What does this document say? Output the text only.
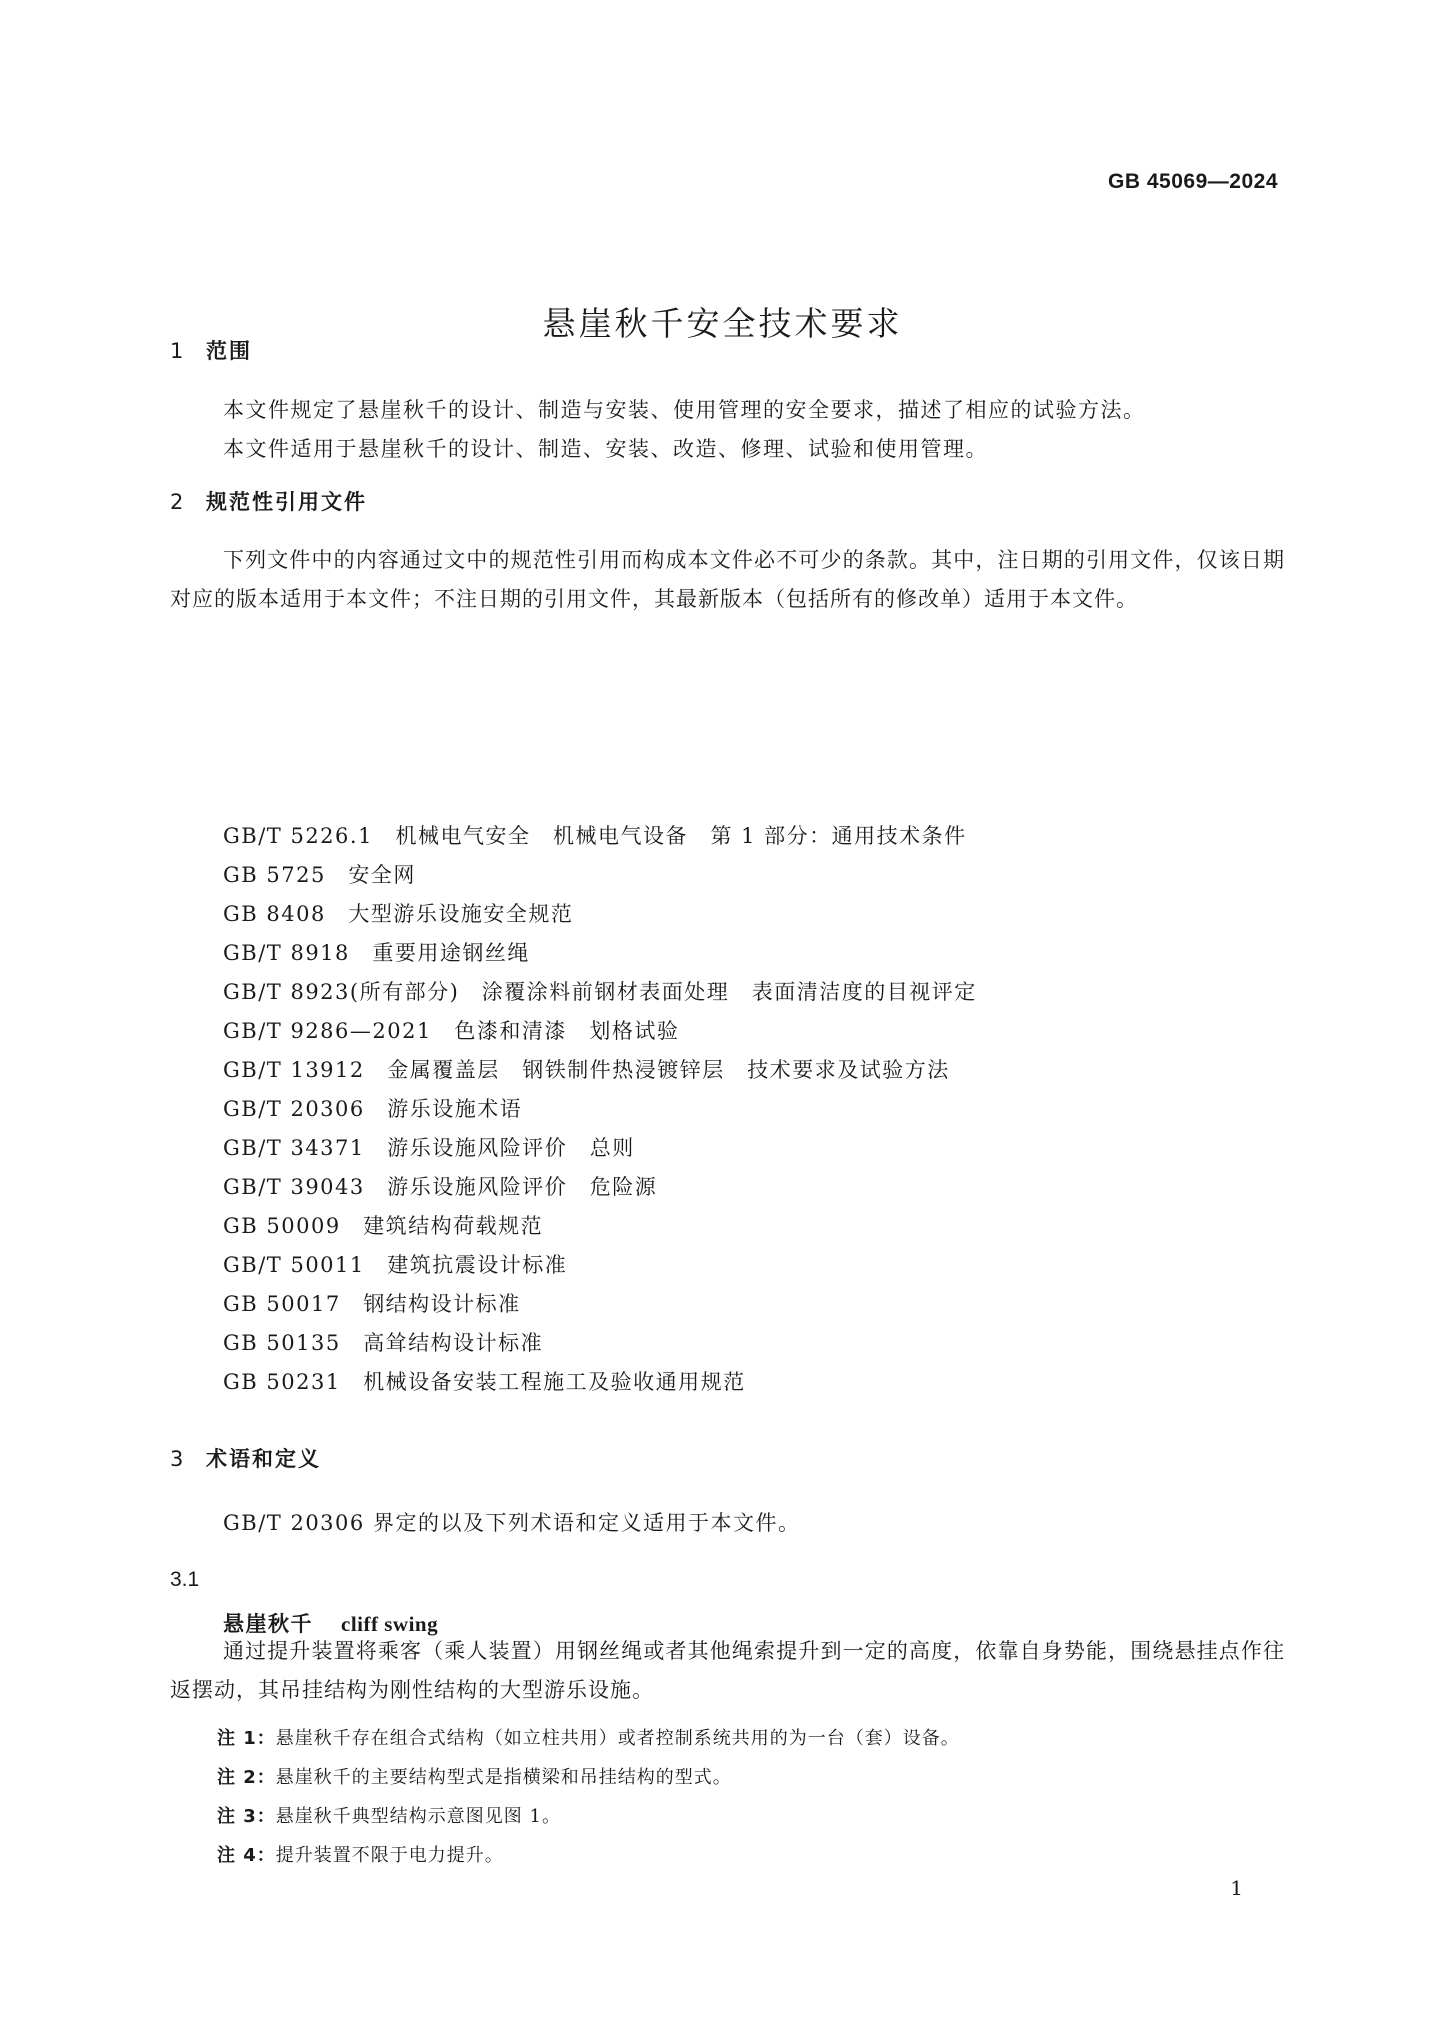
GB 45069—2024
悬崖秋千安全技术要求
1 范围
本文件规定了悬崖秋千的设计、制造与安装、使用管理的安全要求，描述了相应的试验方法。
本文件适用于悬崖秋千的设计、制造、安装、改造、修理、试验和使用管理。
2 规范性引用文件
下列文件中的内容通过文中的规范性引用而构成本文件必不可少的条款。其中，注日期的引用文件，仅该日期对应的版本适用于本文件；不注日期的引用文件，其最新版本（包括所有的修改单）适用于本文件。
GB/T 5226.1　 机械电气安全　机械电气设备　第 1 部分：通用技术条件
GB 5725　 安全网
GB 8408　 大型游乐设施安全规范
GB/T 8918　 重要用途钢丝绳
GB/T 8923(所有部分)　 涂覆涂料前钢材表面处理　表面清洁度的目视评定
GB/T 9286—2021　 色漆和清漆　划格试验
GB/T 13912　 金属覆盖层　钢铁制件热浸镀锌层　技术要求及试验方法
GB/T 20306　 游乐设施术语
GB/T 34371　 游乐设施风险评价　总则
GB/T 39043　 游乐设施风险评价　危险源
GB 50009　 建筑结构荷载规范
GB/T 50011　 建筑抗震设计标准
GB 50017　 钢结构设计标准
GB 50135　 高耸结构设计标准
GB 50231　 机械设备安装工程施工及验收通用规范
3 术语和定义
GB/T 20306 界定的以及下列术语和定义适用于本文件。
3.1
悬崖秋千 cliff swing
通过提升装置将乘客（乘人装置）用钢丝绳或者其他绳索提升到一定的高度，依靠自身势能，围绕悬挂点作往返摆动，其吊挂结构为刚性结构的大型游乐设施。
注 1：悬崖秋千存在组合式结构（如立柱共用）或者控制系统共用的为一台（套）设备。
注 2：悬崖秋千的主要结构型式是指横梁和吊挂结构的型式。
注 3：悬崖秋千典型结构示意图见图 1。
注 4：提升装置不限于电力提升。
1
